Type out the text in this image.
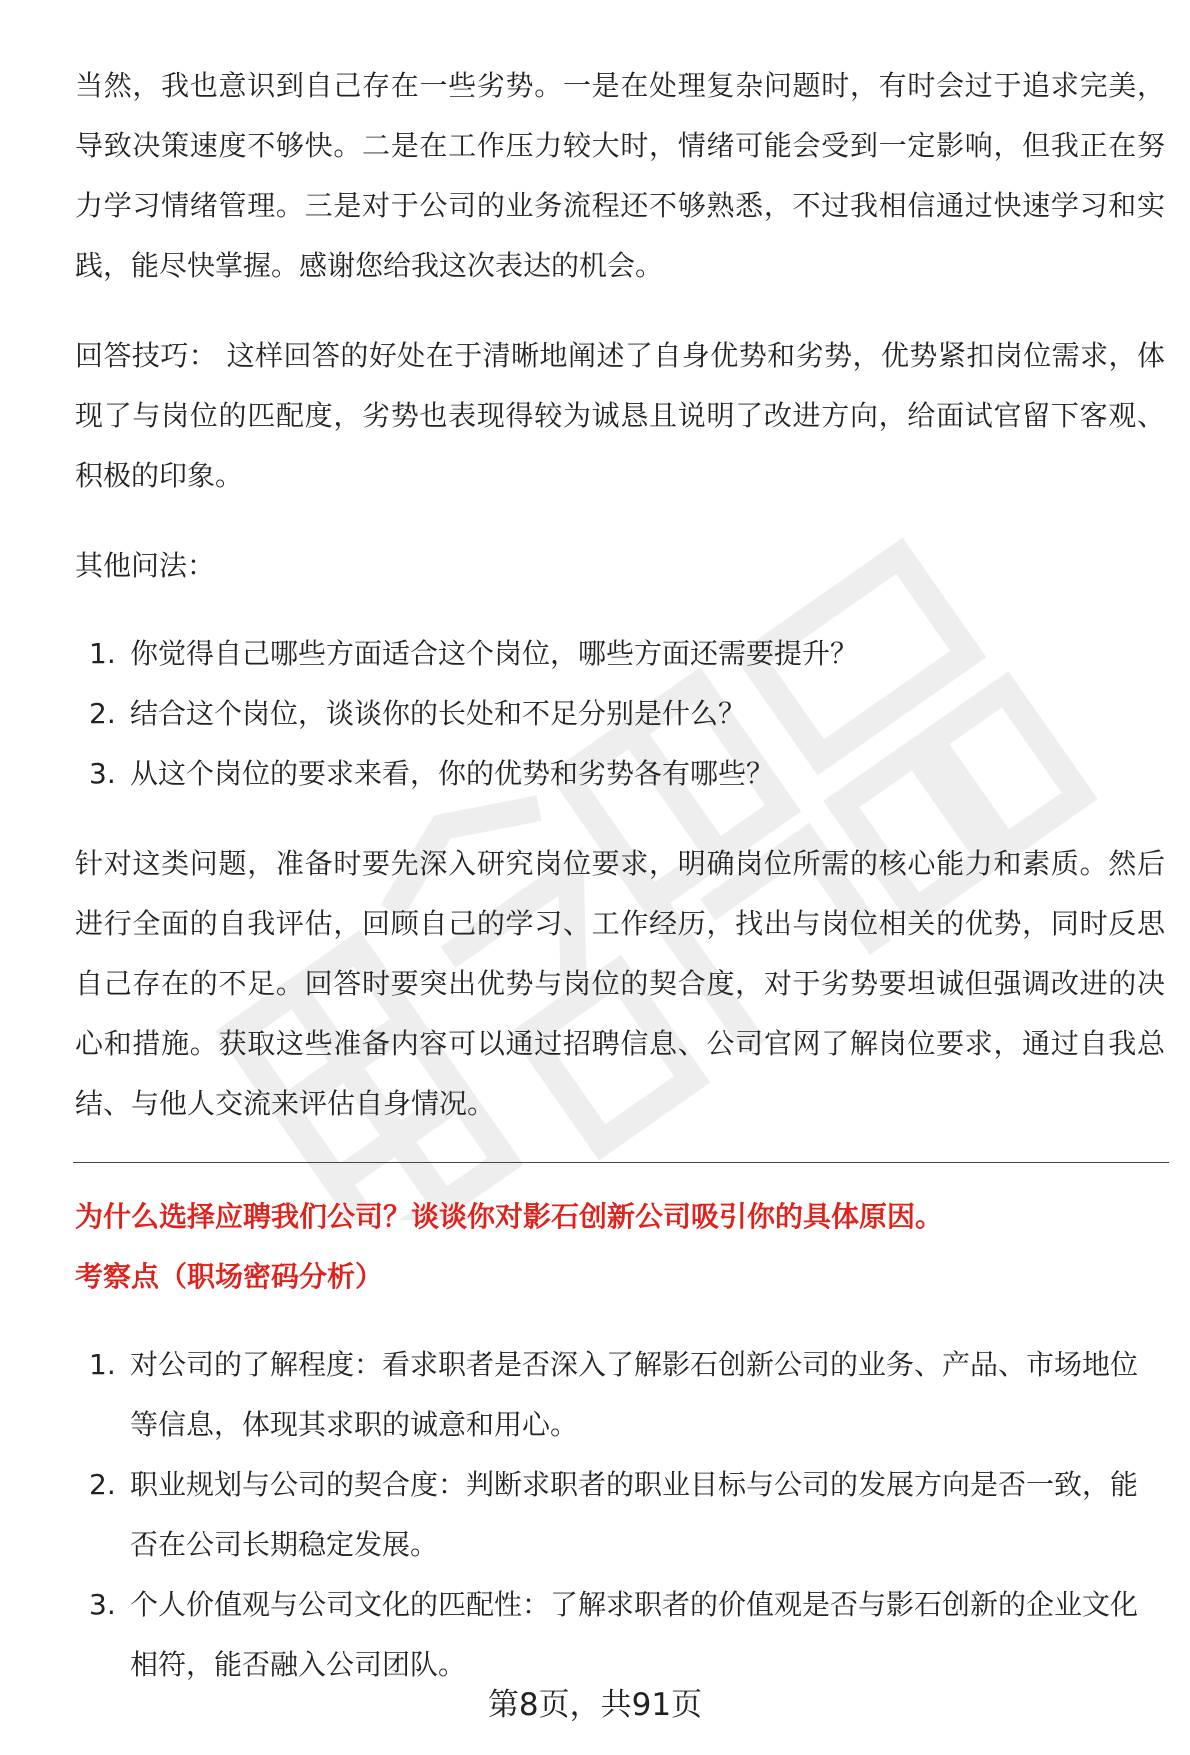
当然，我也意识到自己存在一些劣势。一是在处理复杂问题时，有时会过于追求完美，导致决策速度不够快。二是在工作压力较大时，情绪可能会受到一定影响，但我正在努力学习情绪管理。三是对于公司的业务流程还不够熟悉，不过我相信通过快速学习和实践，能尽快掌握。感谢您给我这次表达的机会。

回答技巧： 这样回答的好处在于清晰地阐述了自身优势和劣势，优势紧扣岗位需求，体现了与岗位的匹配度，劣势也表现得较为诚恳且说明了改进方向，给面试官留下客观、积极的印象。

其他问法：

1. 你觉得自己哪些方面适合这个岗位，哪些方面还需要提升？
2. 结合这个岗位，谈谈你的长处和不足分别是什么？
3. 从这个岗位的要求来看，你的优势和劣势各有哪些？

针对这类问题，准备时要先深入研究岗位要求，明确岗位所需的核心能力和素质。然后进行全面的自我评估，回顾自己的学习、工作经历，找出与岗位相关的优势，同时反思自己存在的不足。回答时要突出优势与岗位的契合度，对于劣势要坦诚但强调改进的决心和措施。获取这些准备内容可以通过招聘信息、公司官网了解岗位要求，通过自我总结、与他人交流来评估自身情况。

为什么选择应聘我们公司？谈谈你对影石创新公司吸引你的具体原因。

考察点（职场密码分析）

1. 对公司的了解程度：看求职者是否深入了解影石创新公司的业务、产品、市场地位等信息，体现其求职的诚意和用心。
2. 职业规划与公司的契合度：判断求职者的职业目标与公司的发展方向是否一致，能否在公司长期稳定发展。
3. 个人价值观与公司文化的匹配性：了解求职者的价值观是否与影石创新的企业文化相符，能否融入公司团队。
第8页，共91页
